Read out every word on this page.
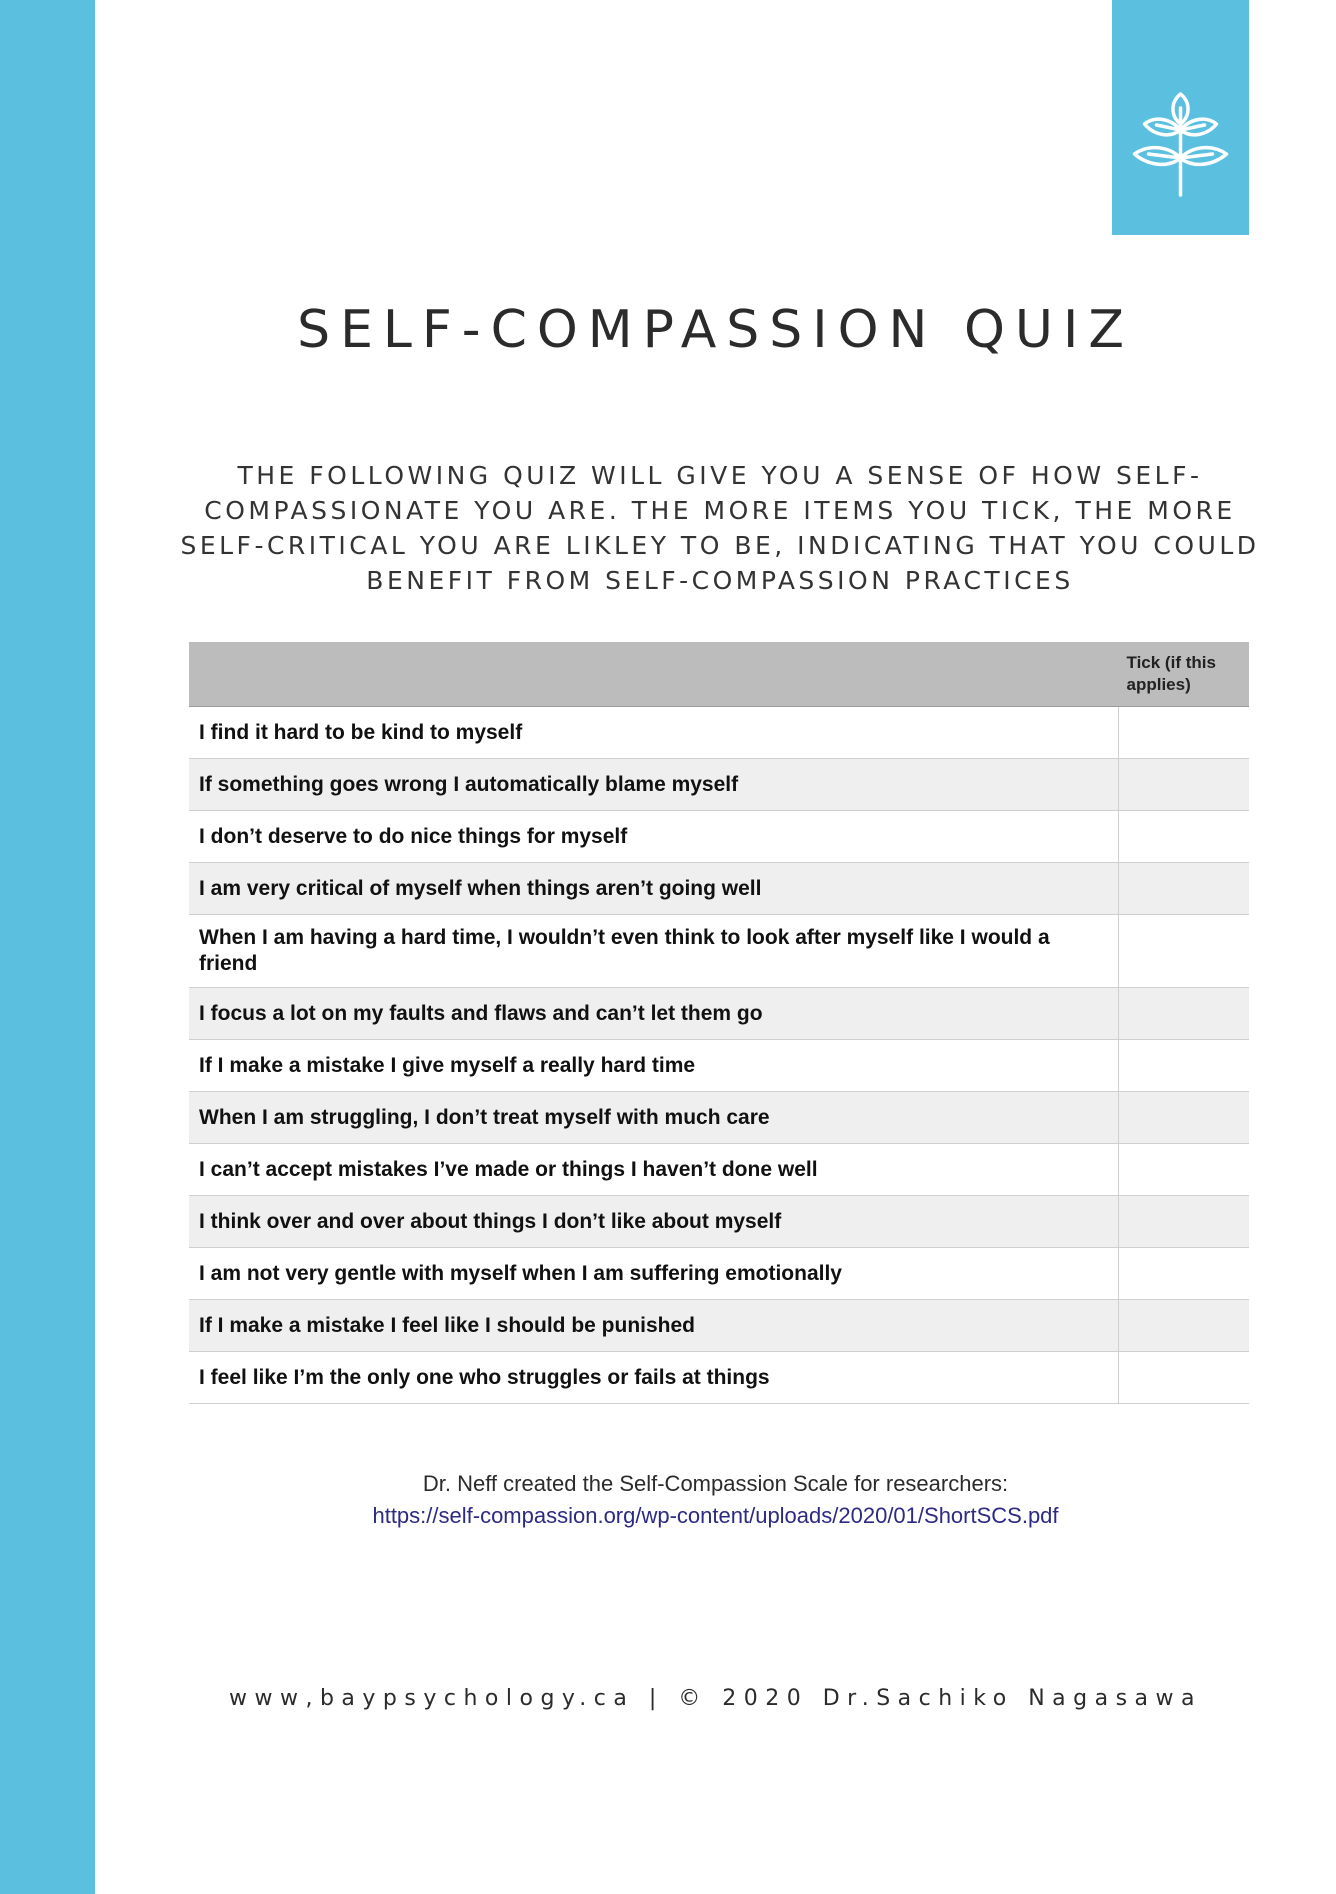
SELF-COMPASSION QUIZ
THE FOLLOWING QUIZ WILL GIVE YOU A SENSE OF HOW SELF-COMPASSIONATE YOU ARE. THE MORE ITEMS YOU TICK, THE MORE SELF-CRITICAL YOU ARE LIKLEY TO BE, INDICATING THAT YOU COULD BENEFIT FROM SELF-COMPASSION PRACTICES
	Tick (if this applies)
I find it hard to be kind to myself	
If something goes wrong I automatically blame myself	
I don’t deserve to do nice things for myself	
I am very critical of myself when things aren’t going well	
When I am having a hard time, I wouldn’t even think to look after myself like I would a friend	
I focus a lot on my faults and flaws and can’t let them go	
If I make a mistake I give myself a really hard time	
When I am struggling, I don’t treat myself with much care	
I can’t accept mistakes I’ve made or things I haven’t done well	
I think over and over about things I don’t like about myself	
I am not very gentle with myself when I am suffering emotionally	
If I make a mistake I feel like I should be punished	
I feel like I’m the only one who struggles or fails at things	
Dr. Neff created the Self-Compassion Scale for researchers:
https://self-compassion.org/wp-content/uploads/2020/01/ShortSCS.pdf
www,baypsychology.ca | © 2020 Dr.Sachiko Nagasawa
